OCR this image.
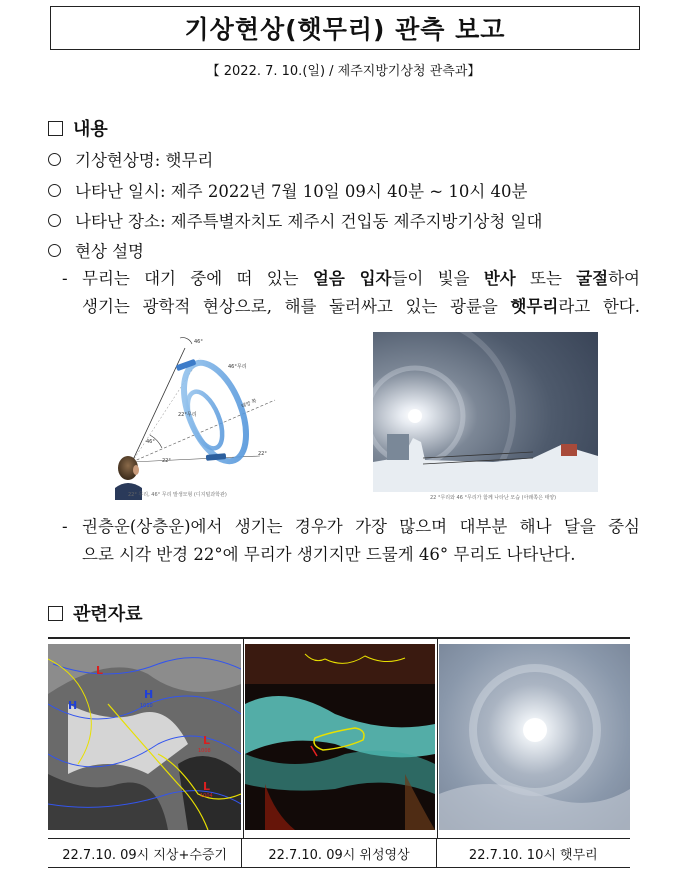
기상현상(햇무리) 관측 보고
【 2022. 7. 10.(일) / 제주지방기상청 관측과】
내용
기상현상명: 햇무리
나타난 일시: 제주 2022년 7월 10일 09시 40분 ~ 10시 40분
나타난 장소: 제주특별자치도 제주시 건입동 제주지방기상청 일대
현상 설명
- 무리는 대기 중에 떠 있는 얼음 입자들이 빛을 반사 또는 굴절하여
생기는 광학적 현상으로, 해를 둘러싸고 있는 광륜을 햇무리라고 한다.
46°
46°무리
22°무리
46°
22°
22°
태양 쪽
22° 무리, 46° 무리 발생모형 (디지털과학관)	22 °무리와 46 °무리가 함께 나타난 모습 (아래쪽은 태양)
- 권층운(상층운)에서 생기는 경우가 가장 많으며 대부분 해나 달을 중심
으로 시각 반경 22°에 무리가 생기지만 드물게 46° 무리도 나타난다.
관련자료
L
H
H
L
L
1010
1004
1008
22.7.10. 09시 지상+수증기	22.7.10. 09시 위성영상	22.7.10. 10시 햇무리
